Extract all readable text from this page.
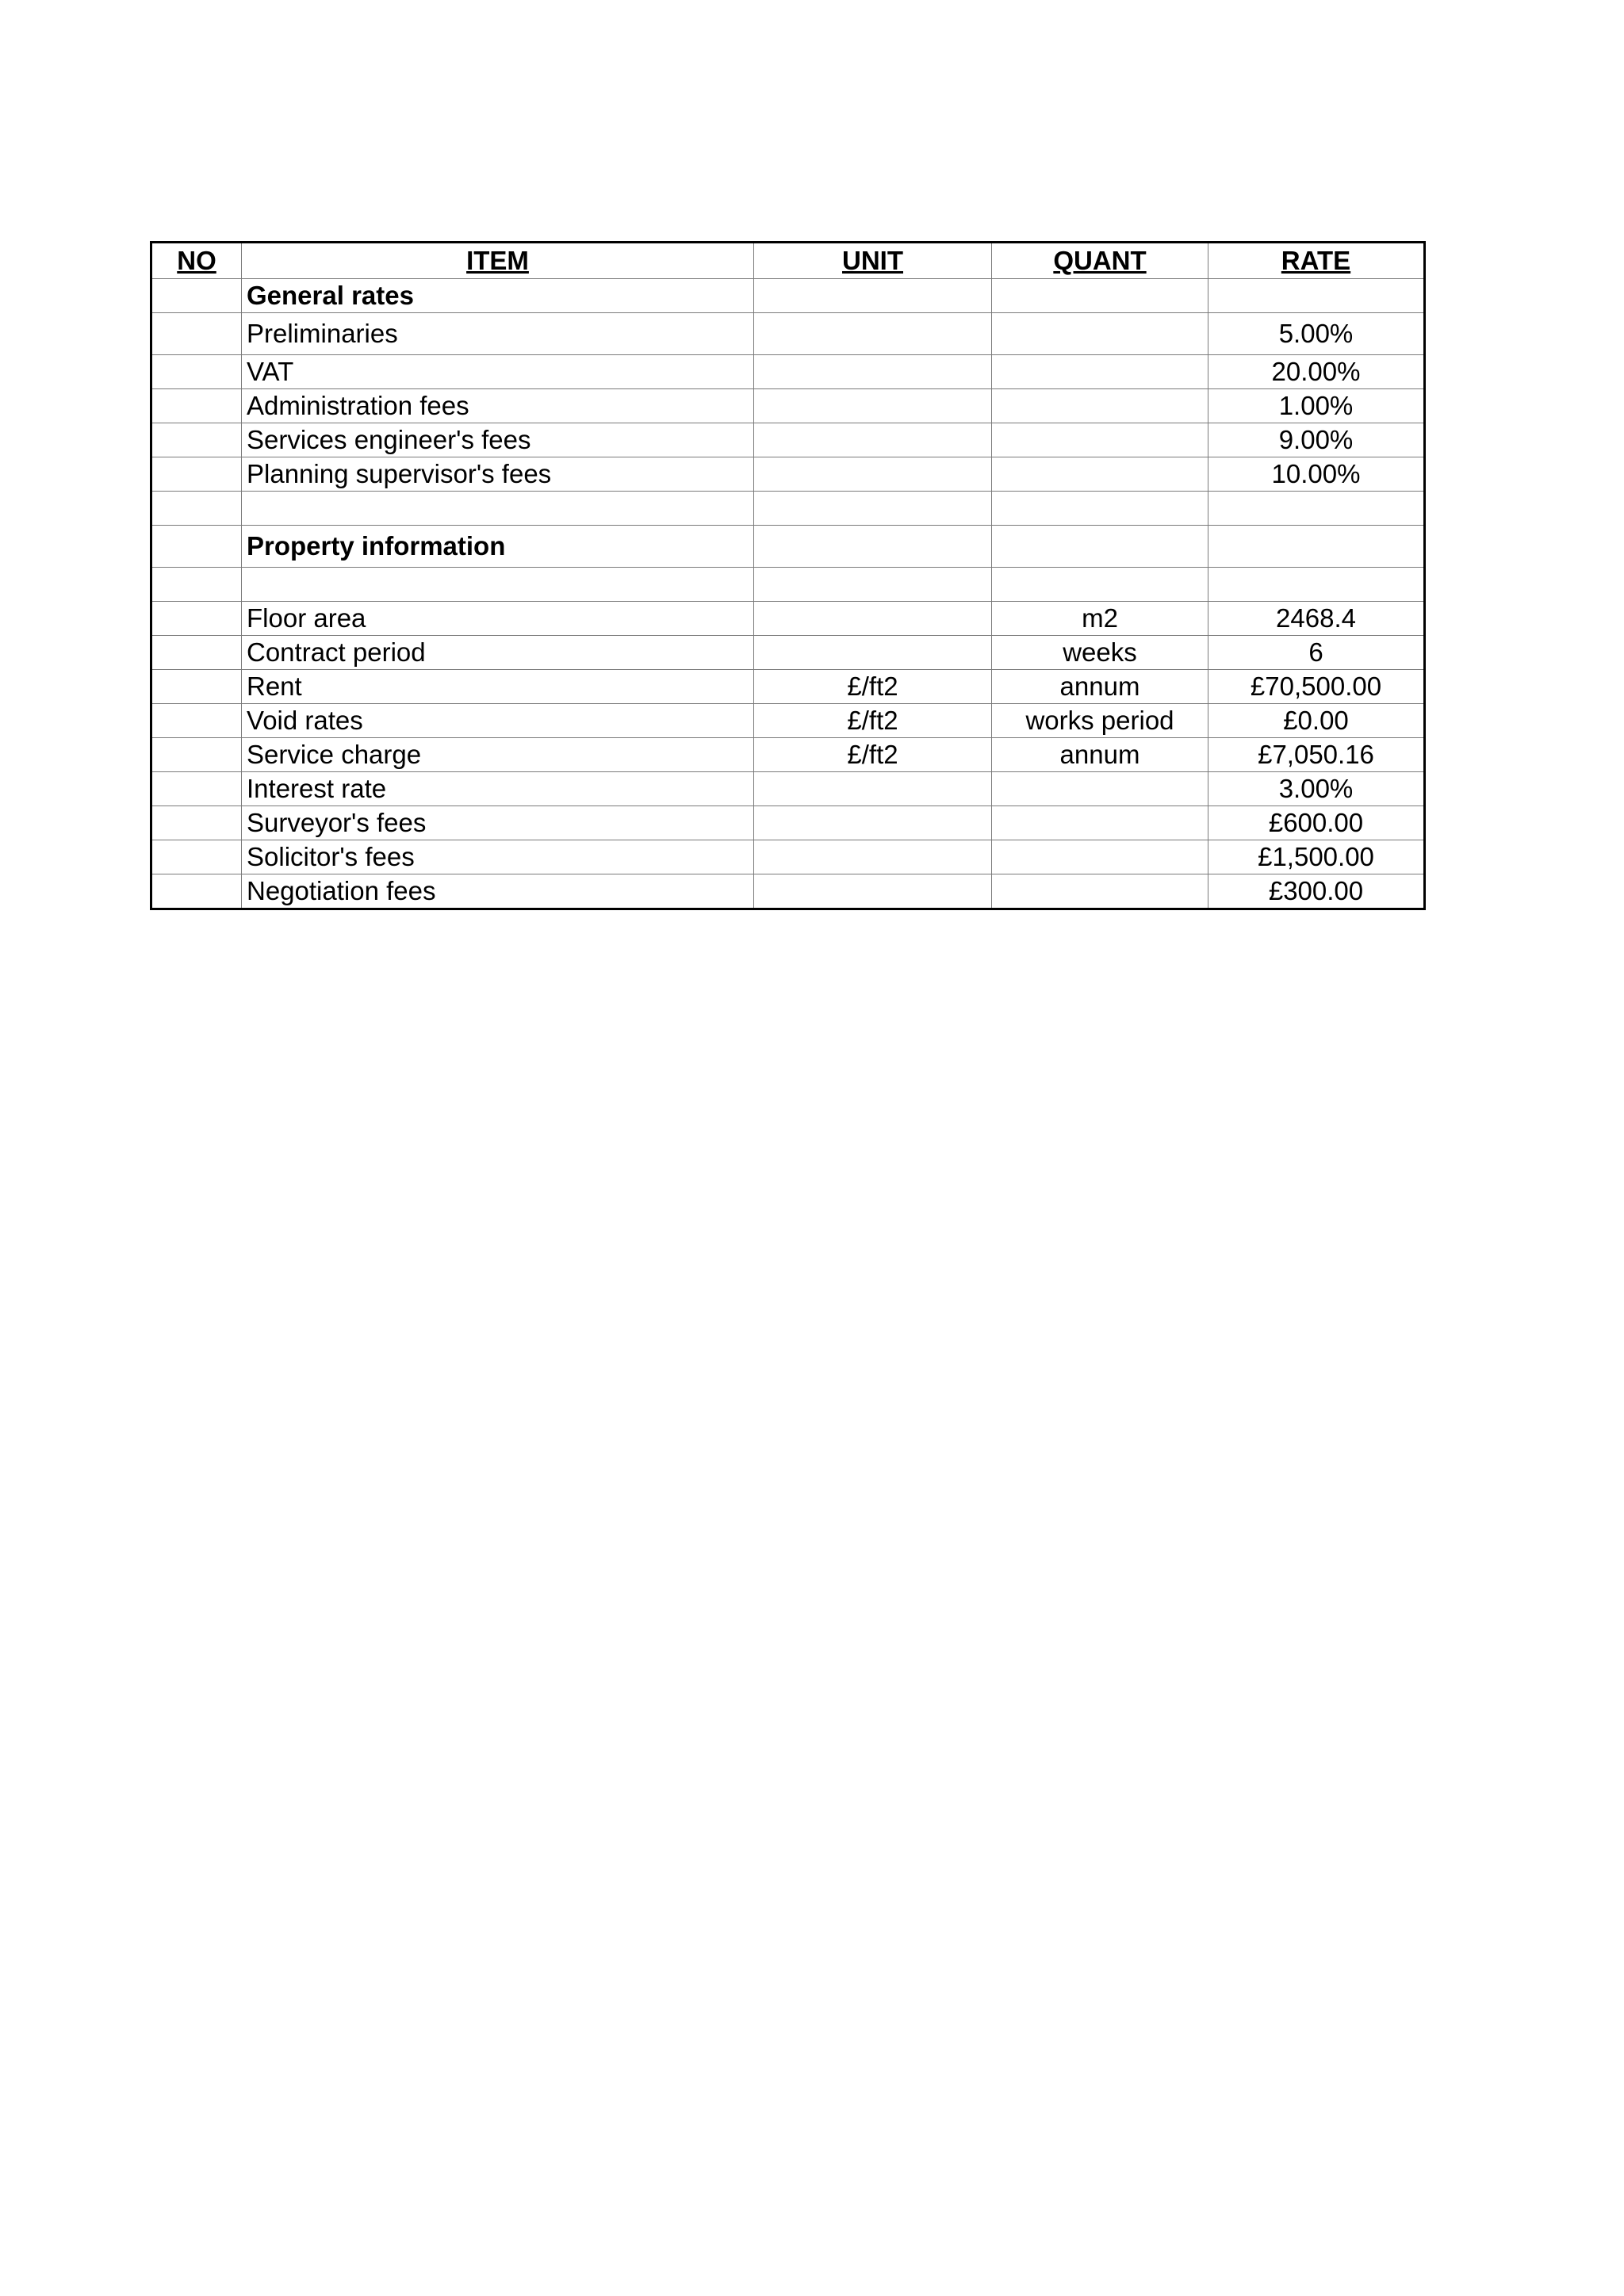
NO	ITEM	UNIT	QUANT	RATE
	General rates			
	Preliminaries			5.00%
	VAT			20.00%
	Administration fees			1.00%
	Services engineer's fees			9.00%
	Planning supervisor's fees			10.00%

	Property information			

	Floor area		m2	2468.4
	Contract period		weeks	6
	Rent	£/ft2	annum	£70,500.00
	Void rates	£/ft2	works period	£0.00
	Service charge	£/ft2	annum	£7,050.16
	Interest rate			3.00%
	Surveyor's fees			£600.00
	Solicitor's fees			£1,500.00
	Negotiation fees			£300.00
